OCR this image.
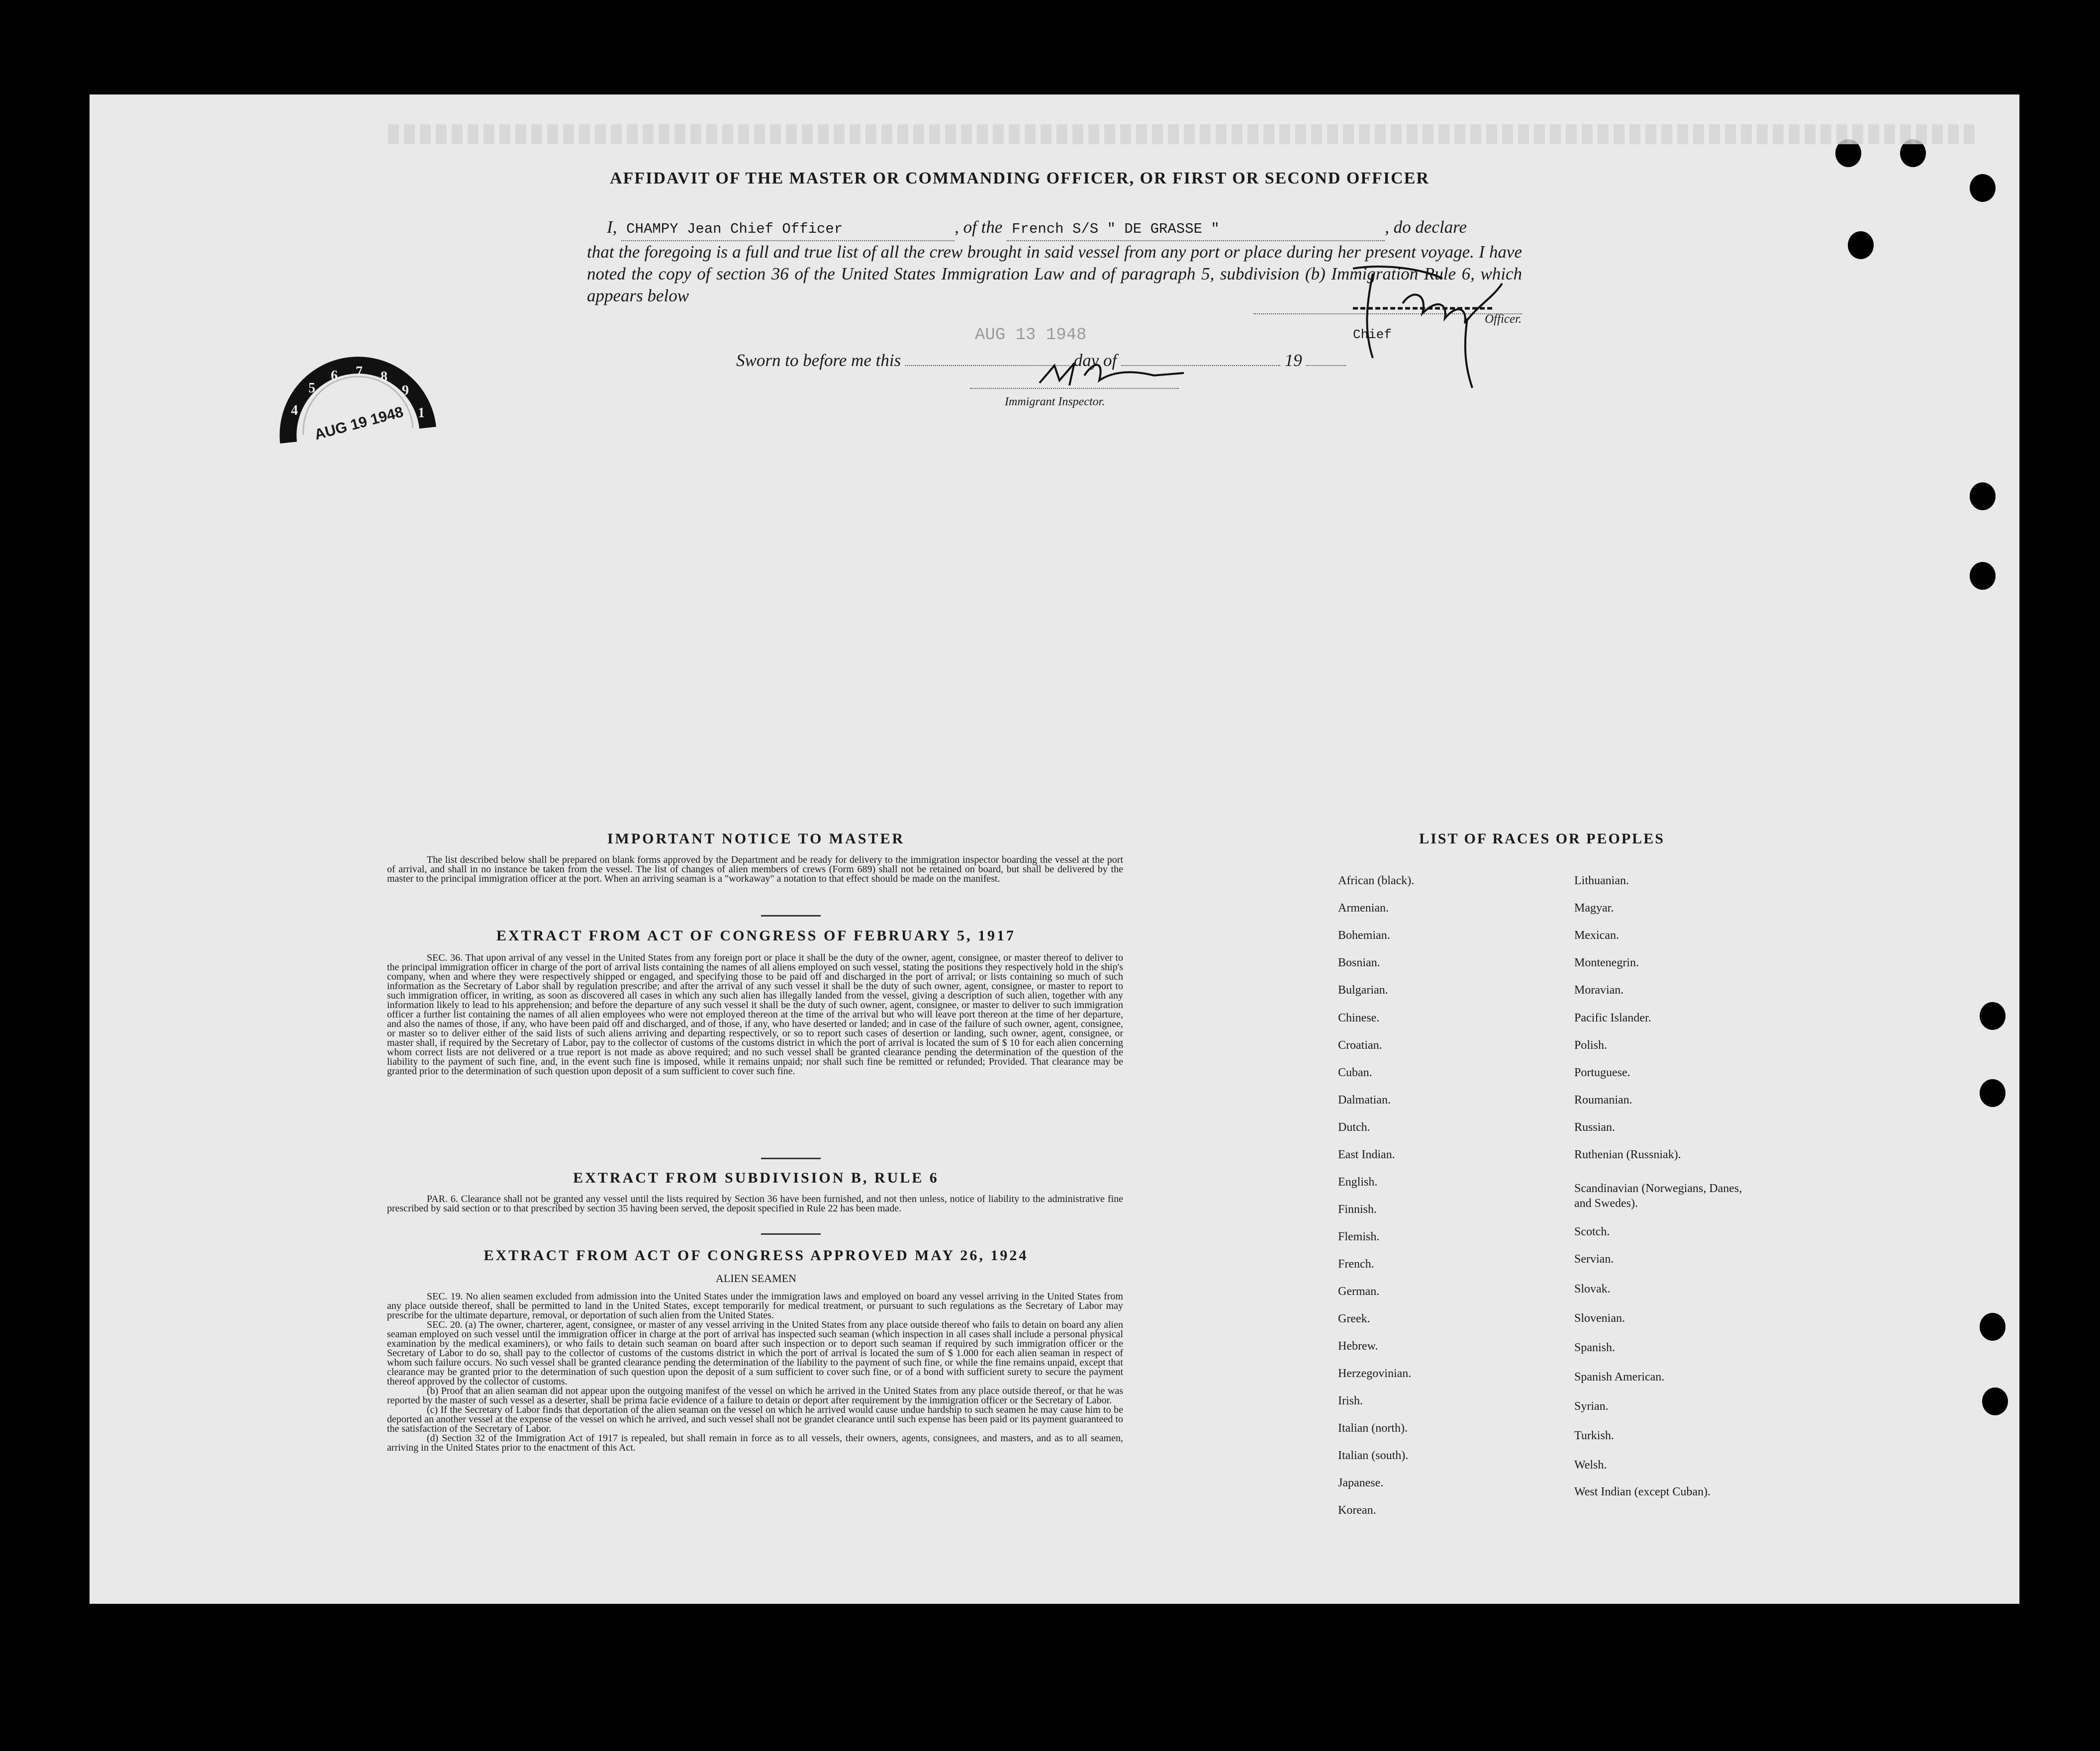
AFFIDAVIT OF THE MASTER OR COMMANDING OFFICER, OR FIRST OR SECOND OFFICER
I, CHAMPY Jean Chief Officer	, of the French S/S " DE GRASSE "	, do declare
that the foregoing is a full and true list of all the crew brought in said vessel from any port or place during her present voyage. I have noted the copy of section 36 of the United States Immigration Law and of paragraph 5, subdivision (b) Immigration Rule 6, which appears below
Officer.
Chief
AUG 13 1948
Sworn to before me this	day of	19
Immigrant Inspector.
4
5
6 7 8
9
1
AUG 19 1948
IMPORTANT NOTICE TO MASTER
The list described below shall be prepared on blank forms approved by the Department and be ready for delivery to the immigration inspector boarding the vessel at the port of arrival, and shall in no instance be taken from the vessel. The list of changes of alien members of crews (Form 689) shall not be retained on board, but shall be delivered by the master to the principal immigration officer at the port. When an arriving seaman is a "workaway" a notation to that effect should be made on the manifest.
EXTRACT FROM ACT OF CONGRESS OF FEBRUARY 5, 1917
SEC. 36. That upon arrival of any vessel in the United States from any foreign port or place it shall be the duty of the owner, agent, consignee, or master thereof to deliver to the principal immigration officer in charge of the port of arrival lists containing the names of all aliens employed on such vessel, stating the positions they respectively hold in the ship's company, when and where they were respectively shipped or engaged, and specifying those to be paid off and discharged in the port of arrival; or lists containing so much of such information as the Secretary of Labor shall by regulation prescribe; and after the arrival of any such vessel it shall be the duty of such owner, agent, consignee, or master to report to such immigration officer, in writing, as soon as discovered all cases in which any such alien has illegally landed from the vessel, giving a description of such alien, together with any information likely to lead to his apprehension; and before the departure of any such vessel it shall be the duty of such owner, agent, consignee, or master to deliver to such immigration officer a further list containing the names of all alien employees who were not employed thereon at the time of the arrival but who will leave port thereon at the time of her departure, and also the names of those, if any, who have been paid off and discharged, and of those, if any, who have deserted or landed; and in case of the failure of such owner, agent, consignee, or master so to deliver either of the said lists of such aliens arriving and departing respectively, or so to report such cases of desertion or landing, such owner, agent, consignee, or master shall, if required by the Secretary of Labor, pay to the collector of customs of the customs district in which the port of arrival is located the sum of $ 10 for each alien concerning whom correct lists are not delivered or a true report is not made as above required; and no such vessel shall be granted clearance pending the determination of the question of the liability to the payment of such fine, and, in the event such fine is imposed, while it remains unpaid; nor shall such fine be remitted or refunded; Provided. That clearance may be granted prior to the determination of such question upon deposit of a sum sufficient to cover such fine.
EXTRACT FROM SUBDIVISION B, RULE 6
PAR. 6. Clearance shall not be granted any vessel until the lists required by Section 36 have been furnished, and not then unless, notice of liability to the administrative fine prescribed by said section or to that prescribed by section 35 having been served, the deposit specified in Rule 22 has been made.
EXTRACT FROM ACT OF CONGRESS APPROVED MAY 26, 1924
ALIEN SEAMEN
SEC. 19. No alien seamen excluded from admission into the United States under the immigration laws and employed on board any vessel arriving in the United States from any place outside thereof, shall be permitted to land in the United States, except temporarily for medical treatment, or pursuant to such regulations as the Secretary of Labor may prescribe for the ultimate departure, removal, or deportation of such alien from the United States.
SEC. 20. (a) The owner, charterer, agent, consignee, or master of any vessel arriving in the United States from any place outside thereof who fails to detain on board any alien seaman employed on such vessel until the immigration officer in charge at the port of arrival has inspected such seaman (which inspection in all cases shall include a personal physical examination by the medical examiners), or who fails to detain such seaman on board after such inspection or to deport such seaman if required by such immigration officer or the Secretary of Labor to do so, shall pay to the collector of customs of the customs district in which the port of arrival is located the sum of $ 1.000 for each alien seaman in respect of whom such failure occurs. No such vessel shall be granted clearance pending the determination of the liability to the payment of such fine, or while the fine remains unpaid, except that clearance may be granted prior to the determination of such question upon the deposit of a sum sufficient to cover such fine, or of a bond with sufficient surety to secure the payment thereof approved by the collector of customs.
(b) Proof that an alien seaman did not appear upon the outgoing manifest of the vessel on which he arrived in the United States from any place outside thereof, or that he was reported by the master of such vessel as a deserter, shall be prima facie evidence of a failure to detain or deport after requirement by the immigration officer or the Secretary of Labor.
(c) If the Secretary of Labor finds that deportation of the alien seaman on the vessel on which he arrived would cause undue hardship to such seamen he may cause him to be deported an another vessel at the expense of the vessel on which he arrived, and such vessel shall not be grandet clearance until such expense has been paid or its payment guaranteed to the satisfaction of the Secretary of Labor.
(d) Section 32 of the Immigration Act of 1917 is repealed, but shall remain in force as to all vessels, their owners, agents, consignees, and masters, and as to all seamen, arriving in the United States prior to the enactment of this Act.
LIST OF RACES OR PEOPLES
African (black).
Armenian.
Bohemian.
Bosnian.
Bulgarian.
Chinese.
Croatian.
Cuban.
Dalmatian.
Dutch.
East Indian.
English.
Finnish.
Flemish.
French.
German.
Greek.
Hebrew.
Herzegovinian.
Irish.
Italian (north).
Italian (south).
Japanese.
Korean.
Lithuanian.
Magyar.
Mexican.
Montenegrin.
Moravian.
Pacific Islander.
Polish.
Portuguese.
Roumanian.
Russian.
Ruthenian (Russniak).
Scandinavian (Norwegians, Danes, and Swedes).
Scotch.
Servian.
Slovak.
Slovenian.
Spanish.
Spanish American.
Syrian.
Turkish.
Welsh.
West Indian (except Cuban).
